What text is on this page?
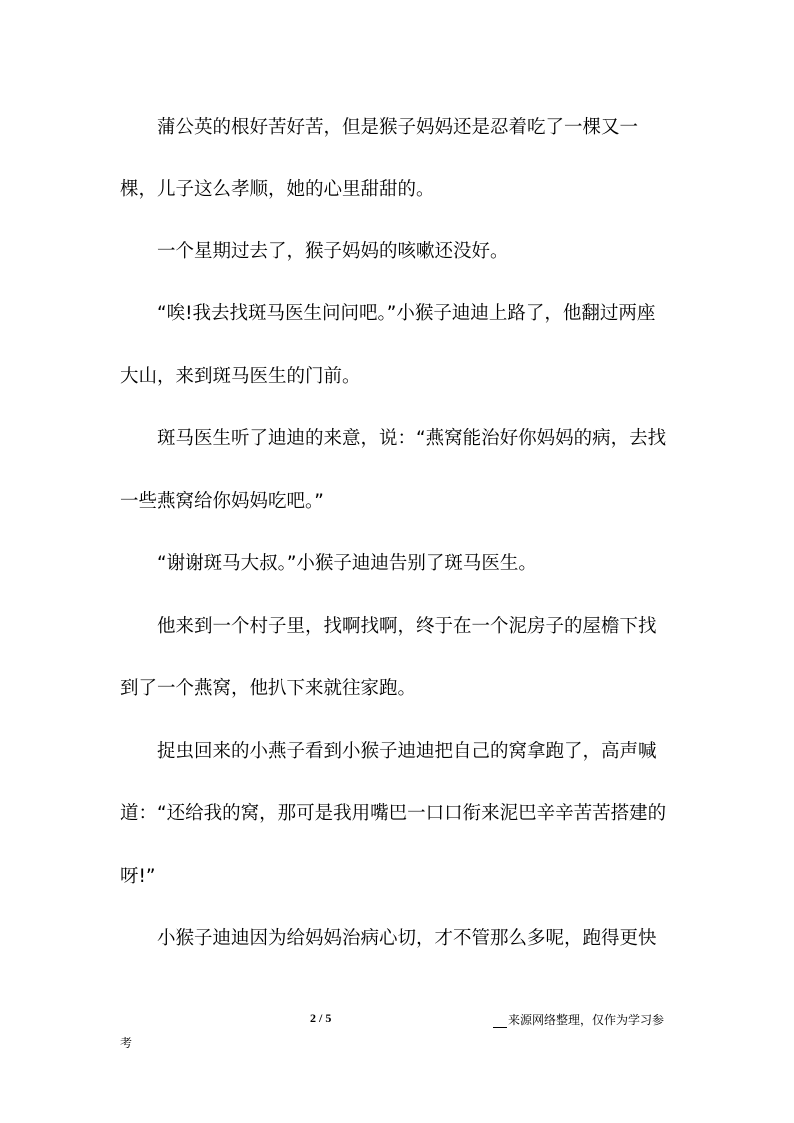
蒲公英的根好苦好苦，但是猴子妈妈还是忍着吃了一棵又一

棵，儿子这么孝顺，她的心里甜甜的。

一个星期过去了，猴子妈妈的咳嗽还没好。

“唉!我去找斑马医生问问吧。”小猴子迪迪上路了，他翻过两座

大山，来到斑马医生的门前。

斑马医生听了迪迪的来意，说：“燕窝能治好你妈妈的病，去找

一些燕窝给你妈妈吃吧。”

“谢谢斑马大叔。”小猴子迪迪告别了斑马医生。

他来到一个村子里，找啊找啊，终于在一个泥房子的屋檐下找

到了一个燕窝，他扒下来就往家跑。

捉虫回来的小燕子看到小猴子迪迪把自己的窝拿跑了，高声喊

道：“还给我的窝，那可是我用嘴巴一口口衔来泥巴辛辛苦苦搭建的

呀!”

小猴子迪迪因为给妈妈治病心切，才不管那么多呢，跑得更快

2 / 5	来源网络整理，仅作为学习参
考
